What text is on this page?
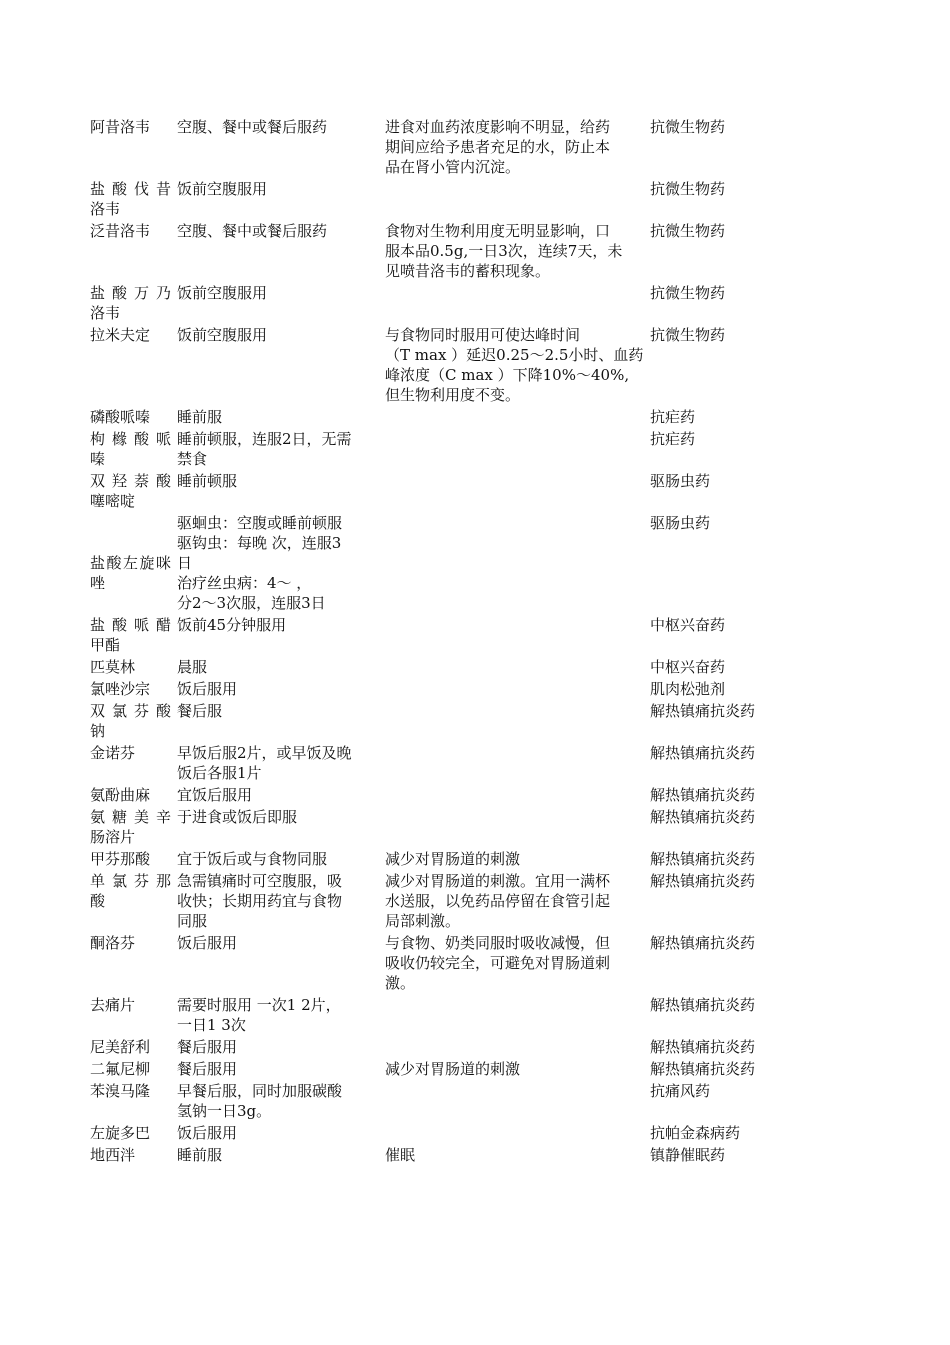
阿昔洛韦	空腹、餐中或餐后服药	进食对血药浓度影响不明显，给药
期间应给予患者充足的水，防止本
品在肾小管内沉淀。	抗微生物药

盐 酸 伐 昔
洛韦	饭前空腹服用		抗微生物药

泛昔洛韦	空腹、餐中或餐后服药	食物对生物利用度无明显影响，口
服本品0.5g,一日3次，连续7天，未
见喷昔洛韦的蓄积现象。	抗微生物药

盐 酸 万 乃
洛韦	饭前空腹服用		抗微生物药

拉米夫定	饭前空腹服用	与食物同时服用可使达峰时间
（T max ）延迟0.25～2.5小时、血药
峰浓度（C max ）下降10%～40%,
但生物利用度不变。	抗微生物药

磷酸哌嗪	睡前服		抗疟药

枸 橼 酸 哌
嗪	睡前顿服，连服2日，无需
禁食		抗疟药

双 羟 萘 酸
噻嘧啶	睡前顿服		驱肠虫药

盐酸左旋咪唑	驱蛔虫：空腹或睡前顿服
驱钩虫：每晚 次，连服3
日
治疗丝虫病：4～ ，
分2～3次服，连服3日		驱肠虫药

盐 酸 哌 醋
甲酯	饭前45分钟服用		中枢兴奋药

匹莫林	晨服		中枢兴奋药

氯唑沙宗	饭后服用		肌肉松弛剂

双 氯 芬 酸
钠	餐后服		解热镇痛抗炎药

金诺芬	早饭后服2片，或早饭及晚
饭后各服1片		解热镇痛抗炎药

氨酚曲麻	宜饭后服用		解热镇痛抗炎药

氨 糖 美 辛
肠溶片	于进食或饭后即服		解热镇痛抗炎药

甲芬那酸	宜于饭后或与食物同服	减少对胃肠道的刺激	解热镇痛抗炎药

单 氯 芬 那
酸	急需镇痛时可空腹服，吸
收快；长期用药宜与食物
同服	减少对胃肠道的刺激。宜用一满杯
水送服，以免药品停留在食管引起
局部刺激。	解热镇痛抗炎药

酮洛芬	饭后服用	与食物、奶类同服时吸收减慢，但
吸收仍较完全，可避免对胃肠道刺
激。	解热镇痛抗炎药

去痛片	需要时服用 一次1 2片，
一日1 3次		解热镇痛抗炎药

尼美舒利	餐后服用		解热镇痛抗炎药

二氟尼柳	餐后服用	减少对胃肠道的刺激	解热镇痛抗炎药

苯溴马隆	早餐后服，同时加服碳酸
氢钠一日3g。		抗痛风药

左旋多巴	饭后服用		抗帕金森病药

地西泮	睡前服	催眠	镇静催眠药
